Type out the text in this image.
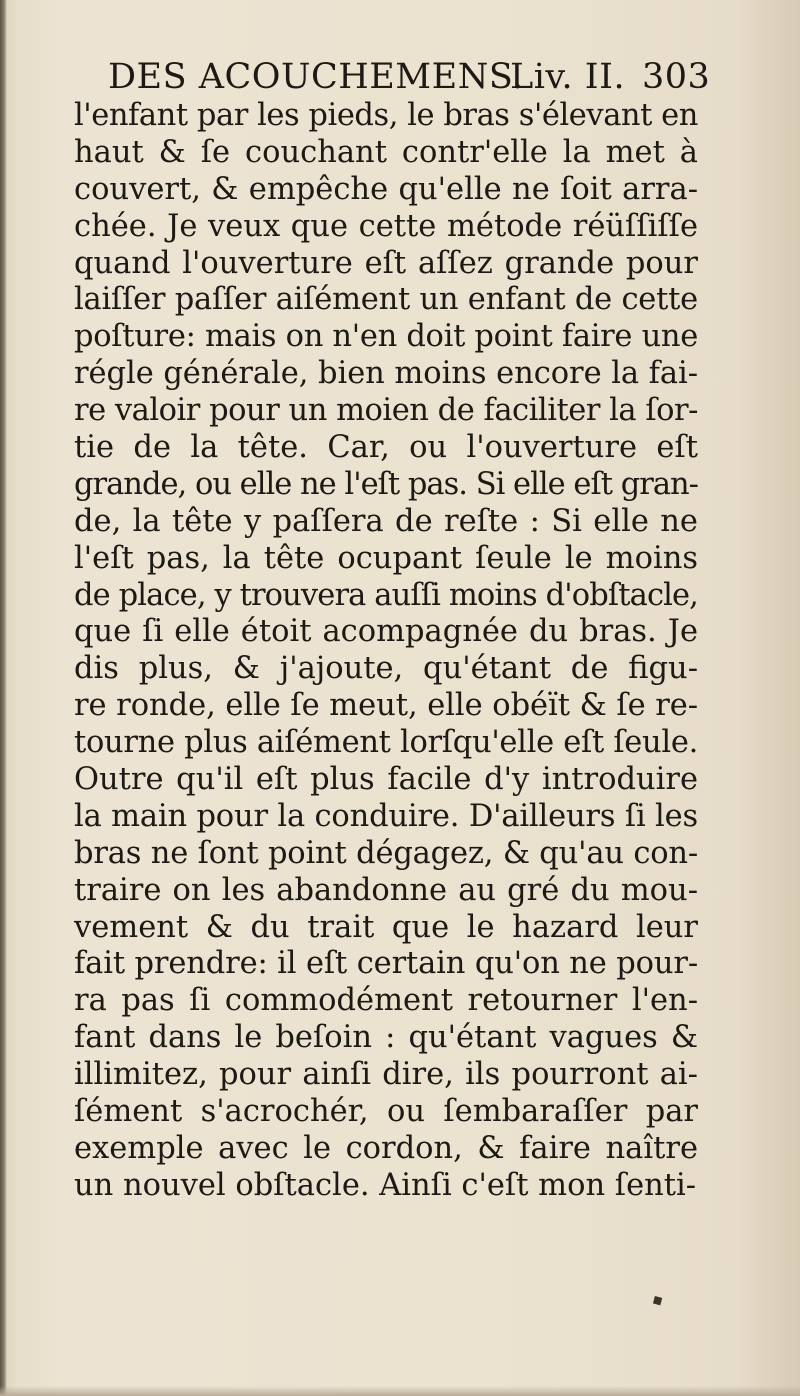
DES ACOUCHEMENS.
Liv. II. 303
l'enfant par les pieds, le bras s'élevant en
haut & ſe couchant contr'elle la met à
couvert, & empêche qu'elle ne ſoit arra-
chée. Je veux que cette métode réüſſiſſe
quand l'ouverture eſt aſſez grande pour
laiſſer paſſer aiſément un enfant de cette
poſture: mais on n'en doit point faire une
régle générale, bien moins encore la fai-
re valoir pour un moien de faciliter la ſor-
tie de la tête. Car, ou l'ouverture eſt
grande, ou elle ne l'eſt pas. Si elle eſt gran-
de, la tête y paſſera de reſte : Si elle ne
l'eſt pas, la tête ocupant ſeule le moins
de place, y trouvera auſſi moins d'obſtacle,
que ſi elle étoit acompagnée du bras. Je
dis plus, & j'ajoute, qu'étant de figu-
re ronde, elle ſe meut, elle obéït & ſe re-
tourne plus aiſément lorſqu'elle eſt ſeule.
Outre qu'il eſt plus facile d'y introduire
la main pour la conduire. D'ailleurs ſi les
bras ne ſont point dégagez, & qu'au con-
traire on les abandonne au gré du mou-
vement & du trait que le hazard leur
fait prendre: il eſt certain qu'on ne pour-
ra pas ſi commodément retourner l'en-
fant dans le beſoin : qu'étant vagues &
illimitez, pour ainſi dire, ils pourront ai-
ſément s'acrochér, ou ſembaraſſer par
exemple avec le cordon, & faire naître
un nouvel obſtacle. Ainſi c'eſt mon ſenti-
◆
